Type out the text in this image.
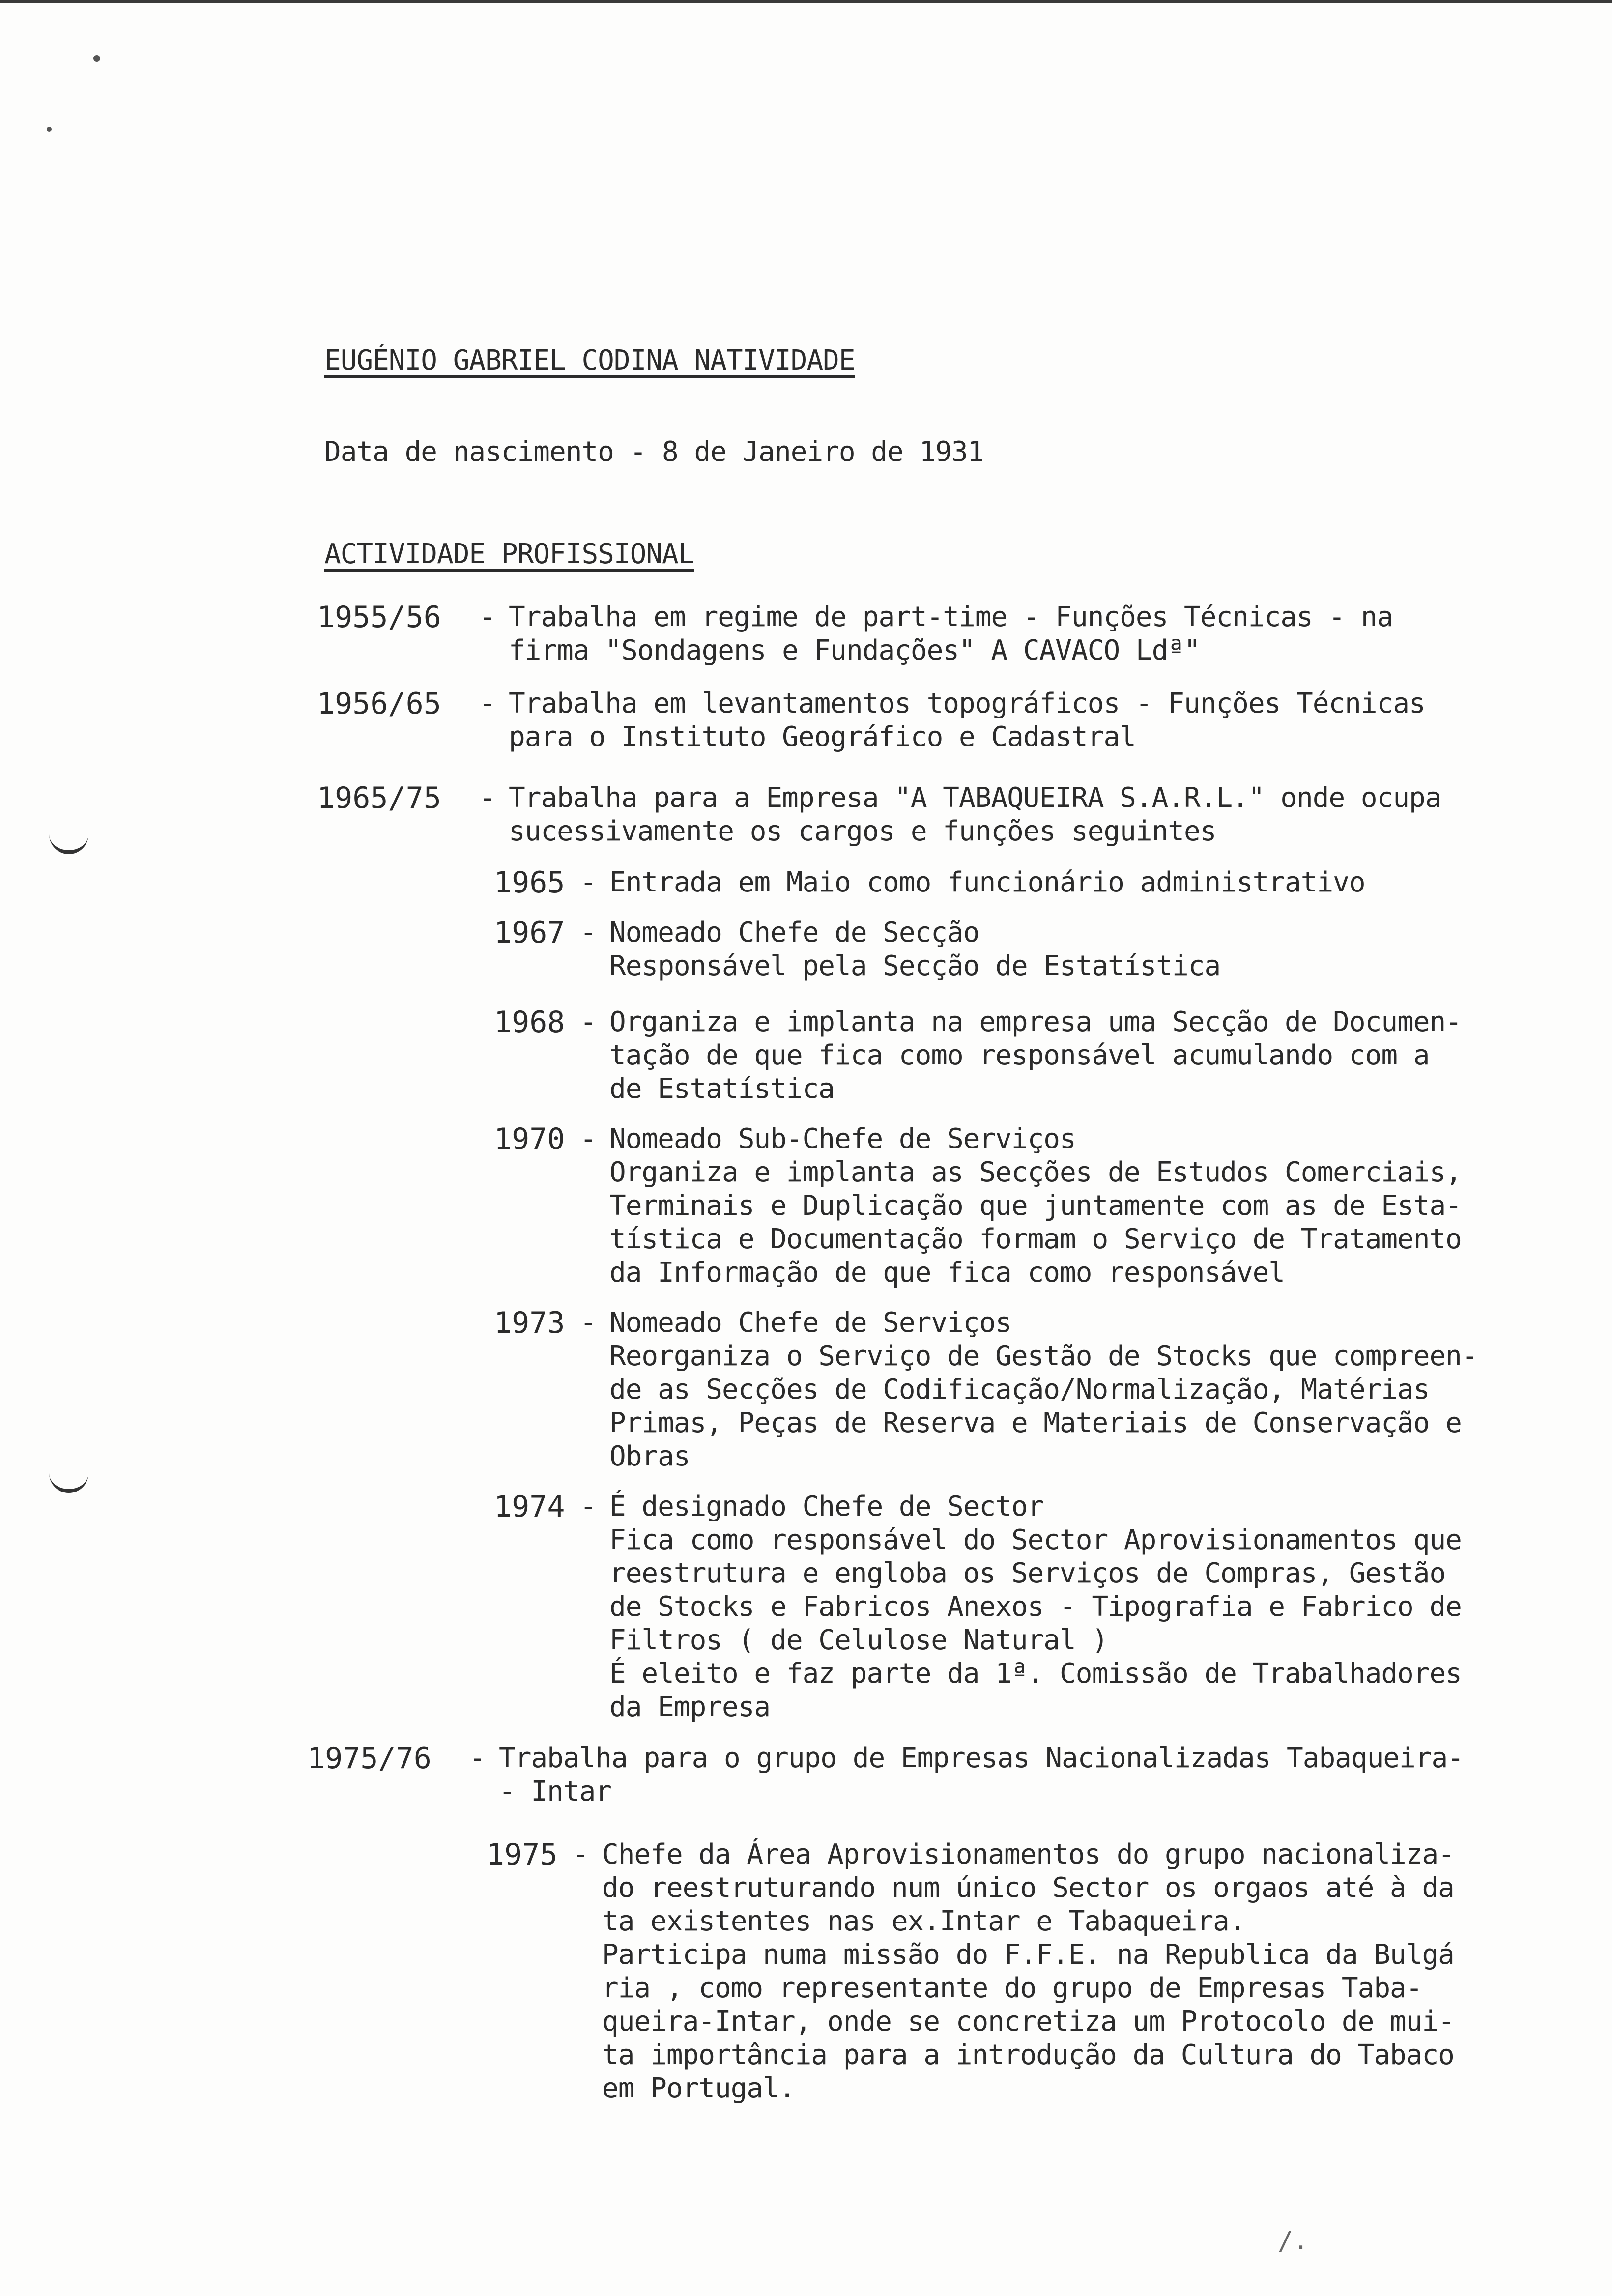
EUGÉNIO GABRIEL CODINA NATIVIDADE
Data de nascimento - 8 de Janeiro de 1931
ACTIVIDADE PROFISSIONAL
1955/56	- Trabalha em regime de part-time - Funções Técnicas - na
firma "Sondagens e Fundações" A CAVACO Ldª"
1956/65	- Trabalha em levantamentos topográficos - Funções Técnicas
para o Instituto Geográfico e Cadastral
1965/75	- Trabalha para a Empresa "A TABAQUEIRA S.A.R.L." onde ocupa
sucessivamente os cargos e funções seguintes
1965 - Entrada em Maio como funcionário administrativo
1967 - Nomeado Chefe de Secção
Responsável pela Secção de Estatística
1968 - Organiza e implanta na empresa uma Secção de Documen-
tação de que fica como responsável acumulando com a
de Estatística
1970 - Nomeado Sub-Chefe de Serviços
Organiza e implanta as Secções de Estudos Comerciais,
Terminais e Duplicação que juntamente com as de Esta-
tística e Documentação formam o Serviço de Tratamento
da Informação de que fica como responsável
1973 - Nomeado Chefe de Serviços
Reorganiza o Serviço de Gestão de Stocks que compreen-
de as Secções de Codificação/Normalização, Matérias
Primas, Peças de Reserva e Materiais de Conservação e
Obras
1974 - É designado Chefe de Sector
Fica como responsável do Sector Aprovisionamentos que
reestrutura e engloba os Serviços de Compras, Gestão
de Stocks e Fabricos Anexos - Tipografia e Fabrico de
Filtros ( de Celulose Natural )
É eleito e faz parte da 1ª. Comissão de Trabalhadores
da Empresa
1975/76	- Trabalha para o grupo de Empresas Nacionalizadas Tabaqueira-
- Intar
1975 - Chefe da Área Aprovisionamentos do grupo nacionaliza-
do reestruturando num único Sector os orgaos até à da
ta existentes nas ex.Intar e Tabaqueira.
Participa numa missão do F.F.E. na Republica da Bulgá
ria , como representante do grupo de Empresas Taba-
queira-Intar, onde se concretiza um Protocolo de mui-
ta importância para a introdução da Cultura do Tabaco
em Portugal.
/.
